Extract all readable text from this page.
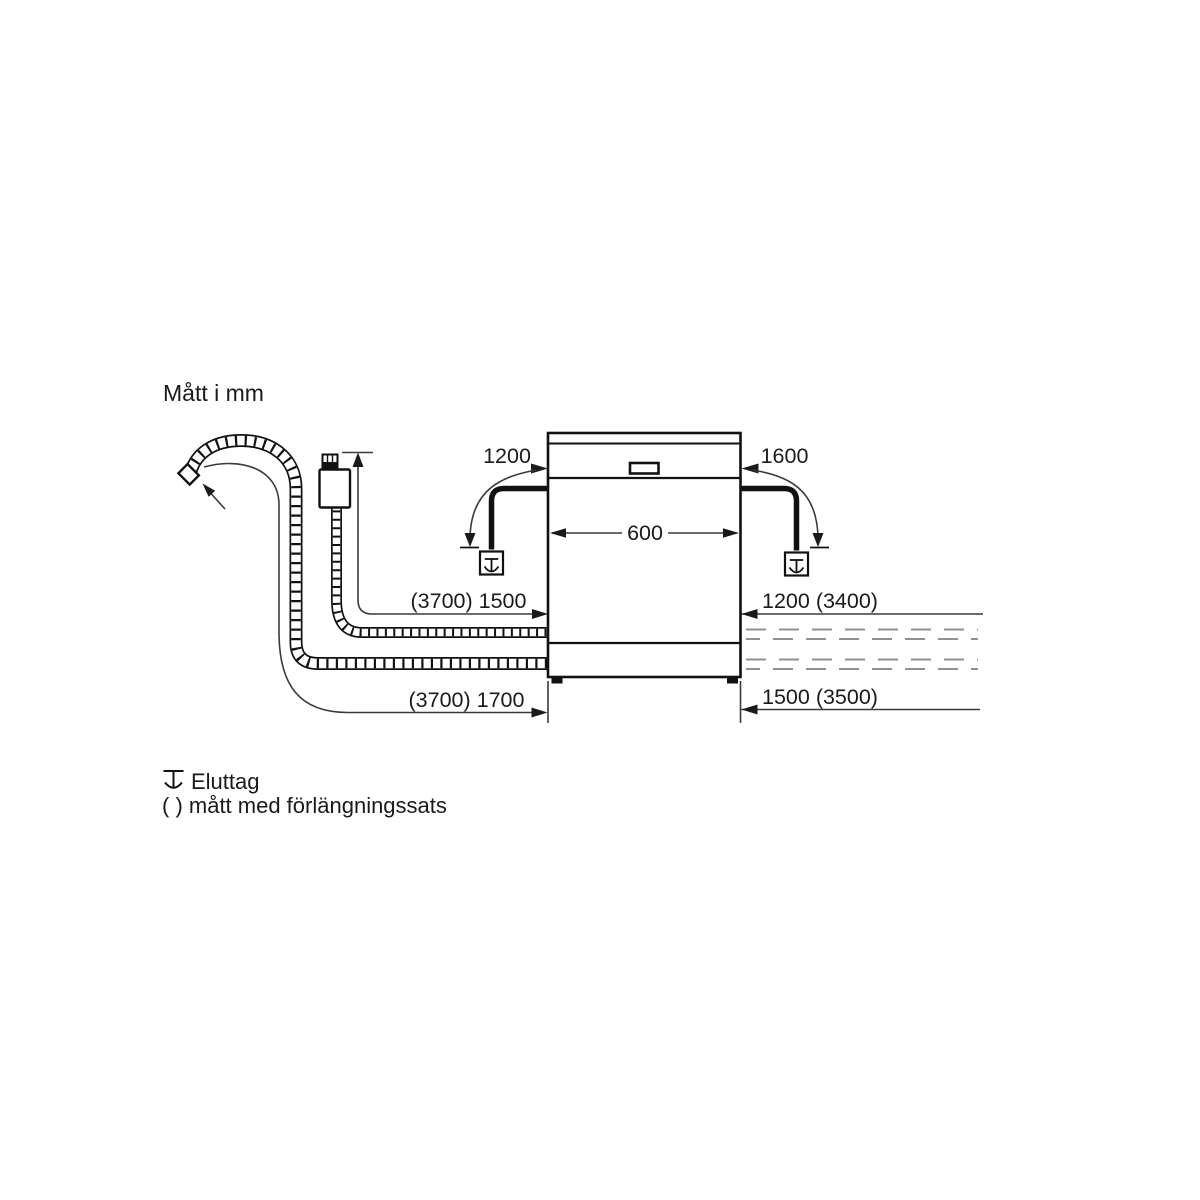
Mått i mm
1200	1600
600
(3700) 1500	1200 (3400)
(3700) 1700	1500 (3500)
Eluttag
( ) mått med förlängningssats
